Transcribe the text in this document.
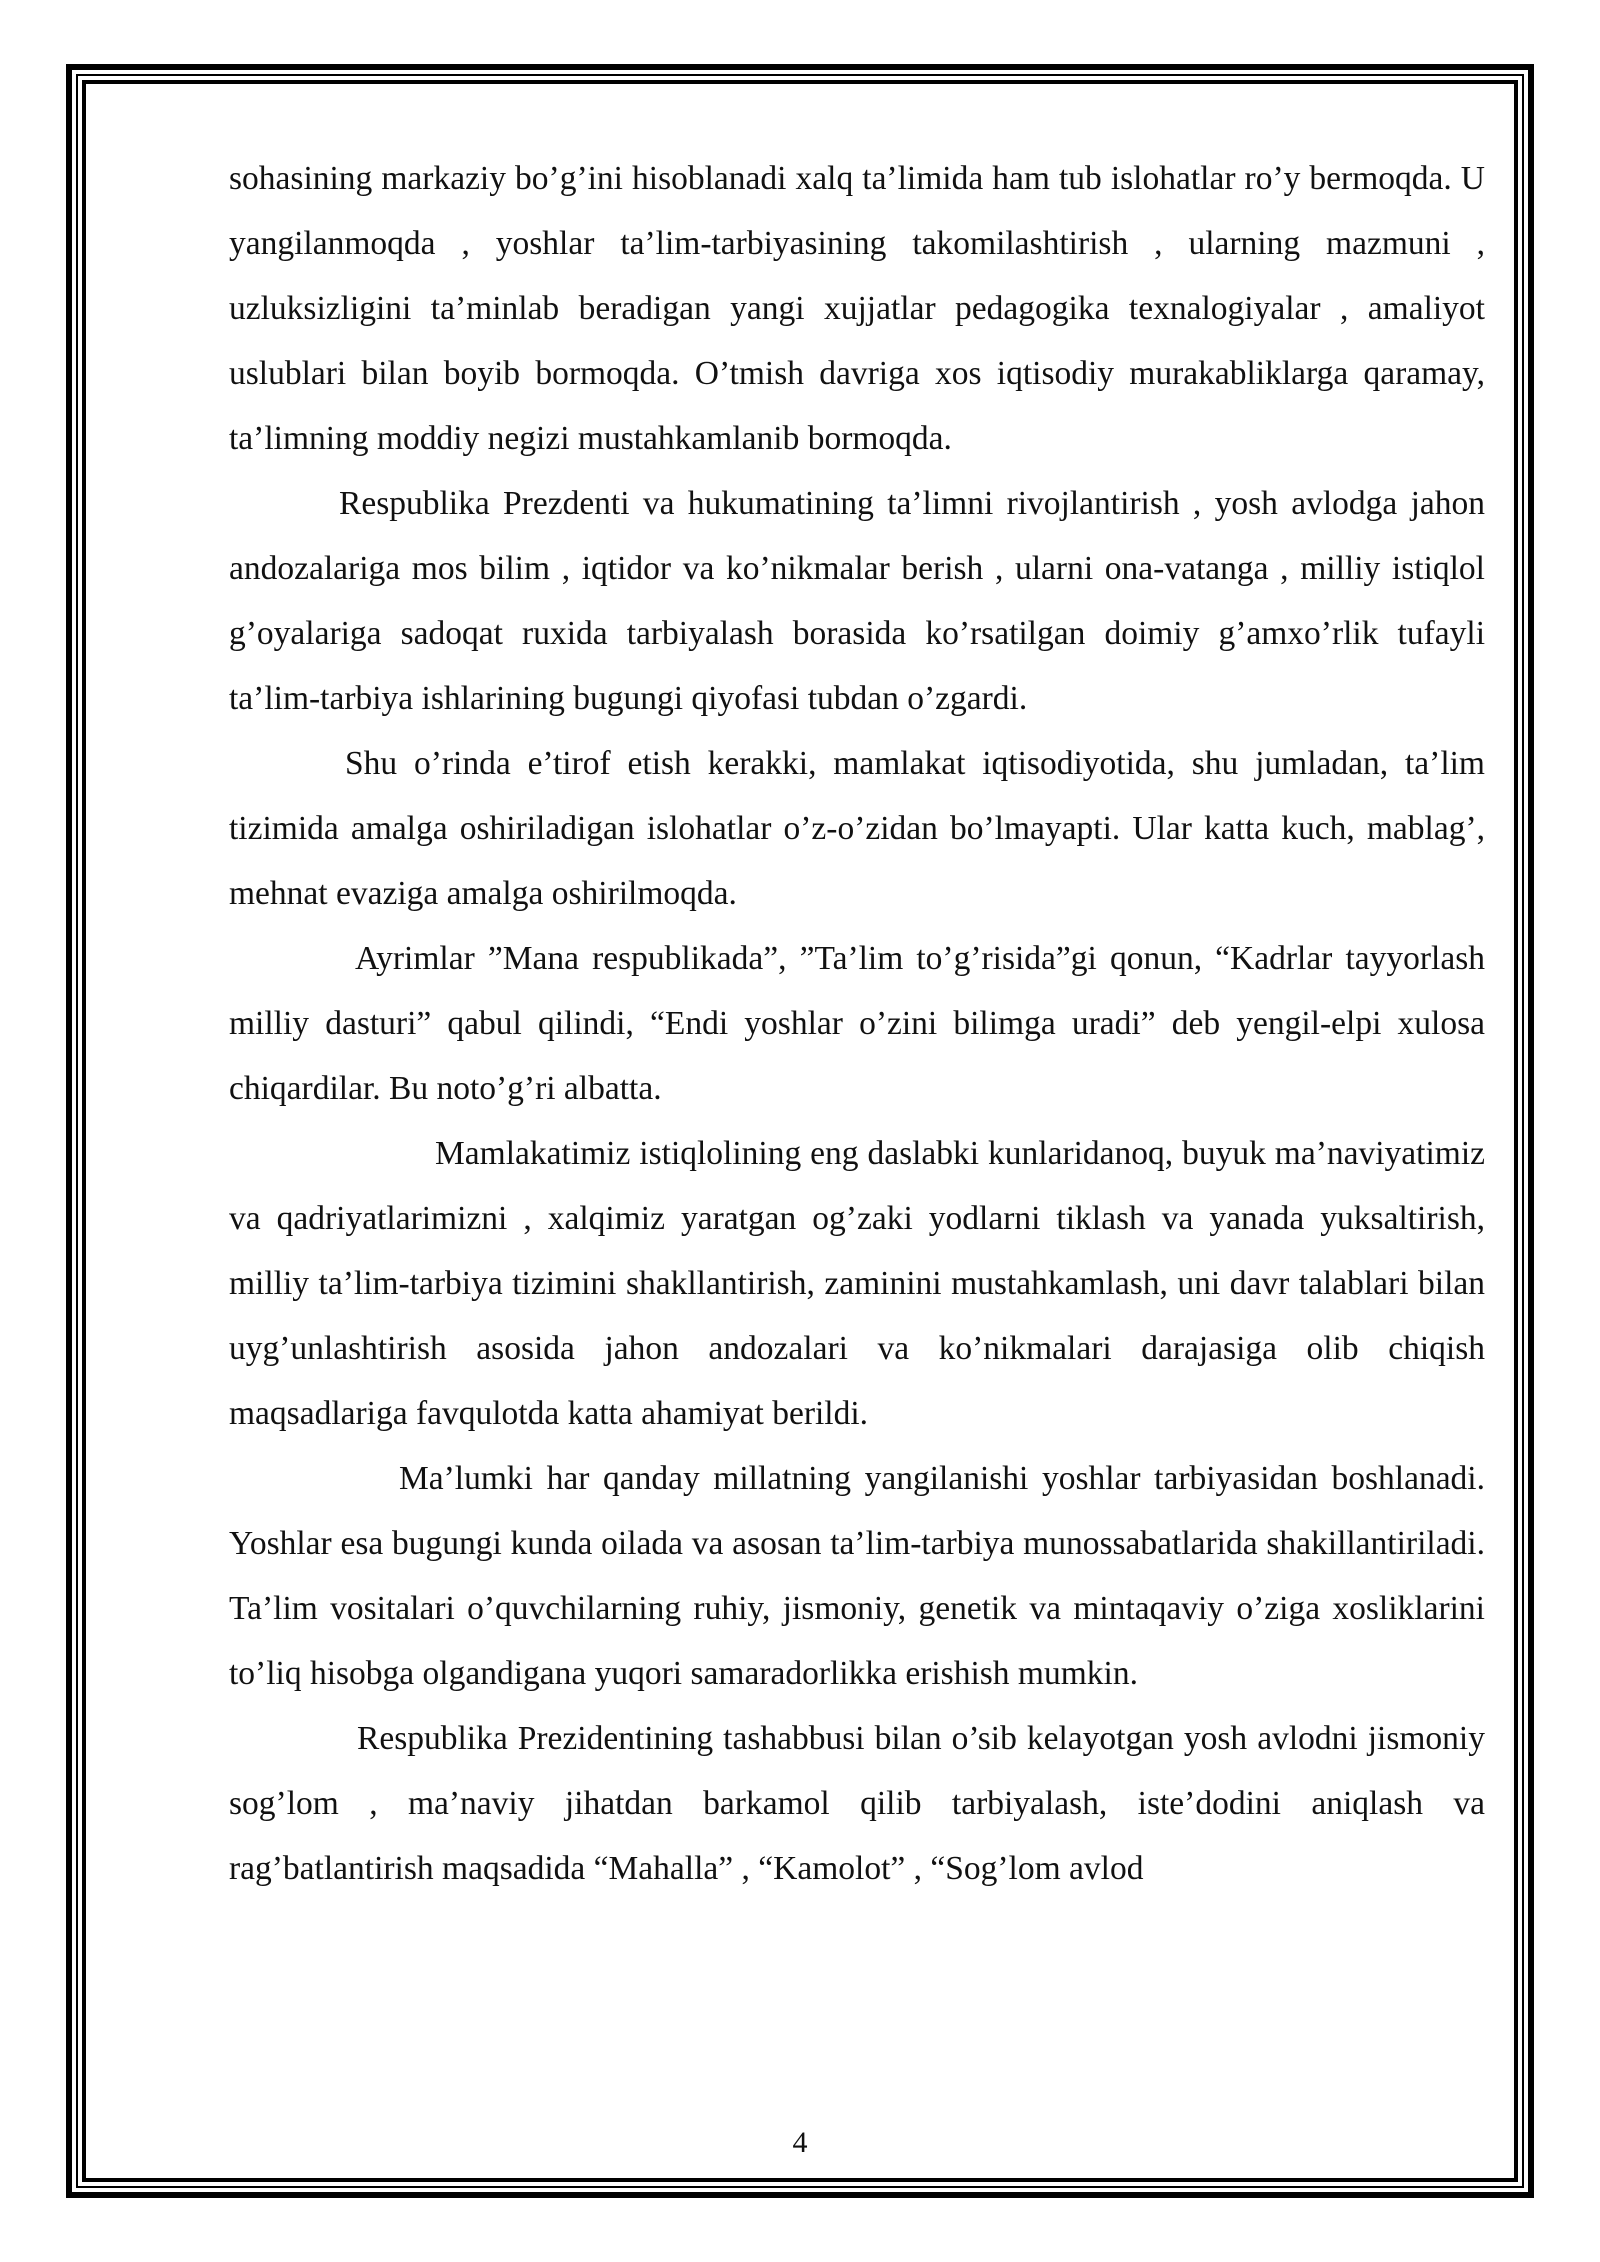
sohasining markaziy bo’g’ini hisoblanadi xalq ta’limida ham tub islohatlar ro’y bermoqda. U yangilanmoqda , yoshlar ta’lim-tarbiyasining takomilashtirish , ularning mazmuni , uzluksizligini ta’minlab beradigan yangi xujjatlar pedagogika texnalogiyalar , amaliyot uslublari bilan boyib bormoqda. O’tmish davriga xos iqtisodiy murakabliklarga qaramay, ta’limning moddiy negizi mustahkamlanib bormoqda.

Respublika Prezdenti va hukumatining ta’limni rivojlantirish , yosh avlodga jahon andozalariga mos bilim , iqtidor va ko’nikmalar berish , ularni ona-vatanga , milliy istiqlol g’oyalariga sadoqat ruxida tarbiyalash borasida ko’rsatilgan doimiy g’amxo’rlik tufayli ta’lim-tarbiya ishlarining bugungi qiyofasi tubdan o’zgardi.

Shu o’rinda e’tirof etish kerakki, mamlakat iqtisodiyotida, shu jumladan, ta’lim tizimida amalga oshiriladigan islohatlar o’z-o’zidan bo’lmayapti. Ular katta kuch, mablag’, mehnat evaziga amalga oshirilmoqda.

Ayrimlar ”Mana respublikada”, ”Ta’lim to’g’risida”gi qonun, “Kadrlar tayyorlash milliy dasturi” qabul qilindi, “Endi yoshlar o’zini bilimga uradi” deb yengil-elpi xulosa chiqardilar. Bu noto’g’ri albatta.

Mamlakatimiz istiqlolining eng daslabki kunlaridanoq, buyuk ma’naviyatimiz va qadriyatlarimizni , xalqimiz yaratgan og’zaki yodlarni tiklash va yanada yuksaltirish, milliy ta’lim-tarbiya tizimini shakllantirish, zaminini mustahkamlash, uni davr talablari bilan uyg’unlashtirish asosida jahon andozalari va ko’nikmalari darajasiga olib chiqish maqsadlariga favqulotda katta ahamiyat berildi.

Ma’lumki har qanday millatning yangilanishi yoshlar tarbiyasidan boshlanadi. Yoshlar esa bugungi kunda oilada va asosan ta’lim-tarbiya munossabatlarida shakillantiriladi. Ta’lim vositalari o’quvchilarning ruhiy, jismoniy, genetik va mintaqaviy o’ziga xosliklarini to’liq hisobga olgandigana yuqori samaradorlikka erishish mumkin.

Respublika Prezidentining tashabbusi bilan o’sib kelayotgan yosh avlodni jismoniy sog’lom , ma’naviy jihatdan barkamol qilib tarbiyalash, iste’dodini aniqlash va rag’batlantirish maqsadida “Mahalla” , “Kamolot” , “Sog’lom avlod

4
